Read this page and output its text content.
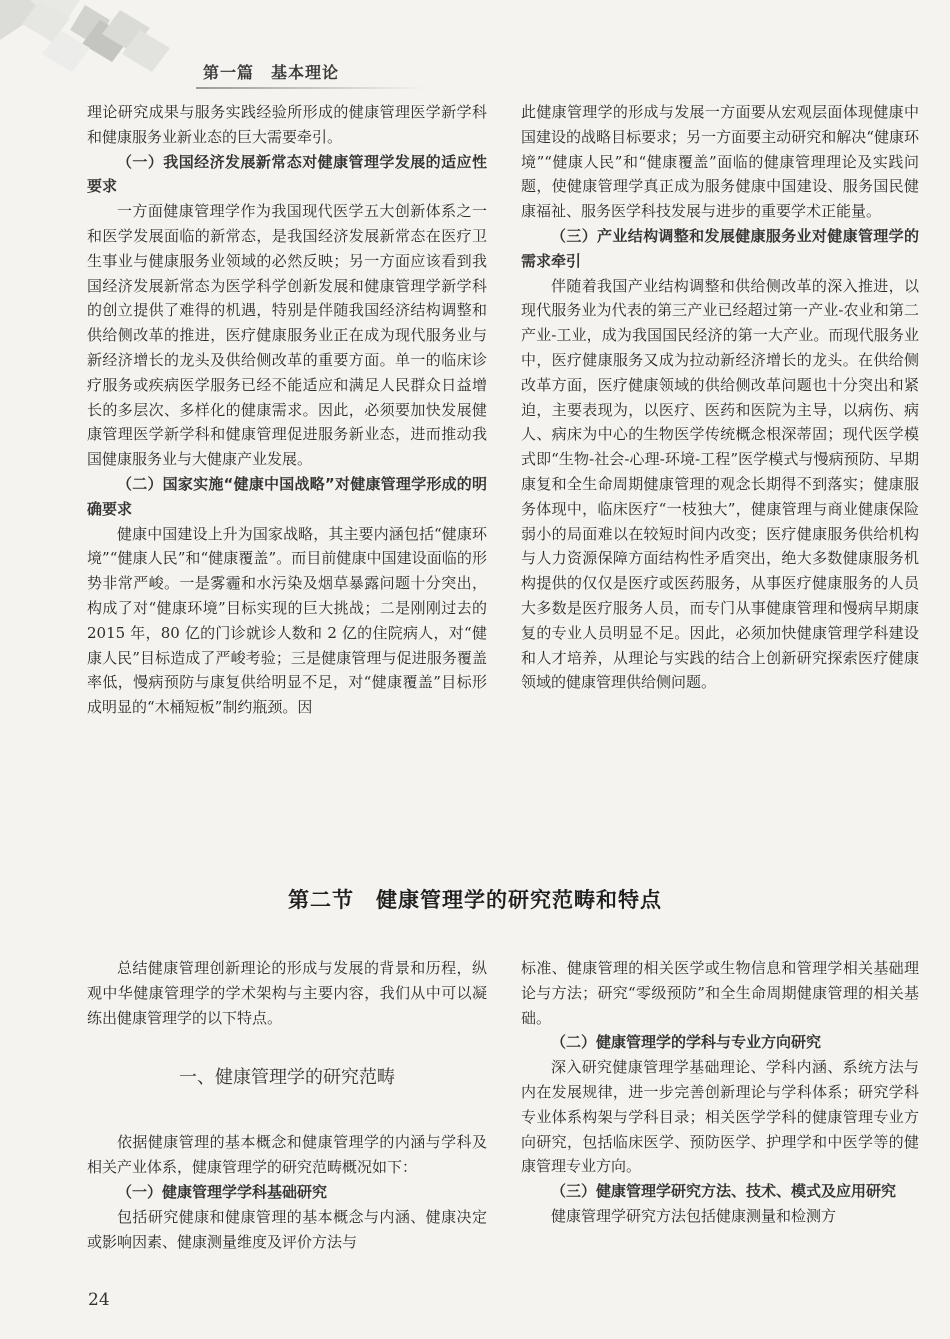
第一篇　基本理论

理论研究成果与服务实践经验所形成的健康管理医学新学科和健康服务业新业态的巨大需要牵引。

（一）我国经济发展新常态对健康管理学发展的适应性要求

一方面健康管理学作为我国现代医学五大创新体系之一和医学发展面临的新常态，是我国经济发展新常态在医疗卫生事业与健康服务业领域的必然反映；另一方面应该看到我国经济发展新常态为医学科学创新发展和健康管理学新学科的创立提供了难得的机遇，特别是伴随我国经济结构调整和供给侧改革的推进，医疗健康服务业正在成为现代服务业与新经济增长的龙头及供给侧改革的重要方面。单一的临床诊疗服务或疾病医学服务已经不能适应和满足人民群众日益增长的多层次、多样化的健康需求。因此，必须要加快发展健康管理医学新学科和健康管理促进服务新业态，进而推动我国健康服务业与大健康产业发展。

（二）国家实施“健康中国战略”对健康管理学形成的明确要求

健康中国建设上升为国家战略，其主要内涵包括“健康环境”“健康人民”和“健康覆盖”。而目前健康中国建设面临的形势非常严峻。一是雾霾和水污染及烟草暴露问题十分突出，构成了对“健康环境”目标实现的巨大挑战；二是刚刚过去的 2015 年，80 亿的门诊就诊人数和 2 亿的住院病人，对“健康人民”目标造成了严峻考验；三是健康管理与促进服务覆盖率低，慢病预防与康复供给明显不足，对“健康覆盖”目标形成明显的“木桶短板”制约瓶颈。因

此健康管理学的形成与发展一方面要从宏观层面体现健康中国建设的战略目标要求；另一方面要主动研究和解决“健康环境”“健康人民”和“健康覆盖”面临的健康管理理论及实践问题，使健康管理学真正成为服务健康中国建设、服务国民健康福祉、服务医学科技发展与进步的重要学术正能量。

（三）产业结构调整和发展健康服务业对健康管理学的需求牵引

伴随着我国产业结构调整和供给侧改革的深入推进，以现代服务业为代表的第三产业已经超过第一产业-农业和第二产业-工业，成为我国国民经济的第一大产业。而现代服务业中，医疗健康服务又成为拉动新经济增长的龙头。在供给侧改革方面，医疗健康领域的供给侧改革问题也十分突出和紧迫，主要表现为，以医疗、医药和医院为主导，以病伤、病人、病床为中心的生物医学传统概念根深蒂固；现代医学模式即“生物-社会-心理-环境-工程”医学模式与慢病预防、早期康复和全生命周期健康管理的观念长期得不到落实；健康服务体现中，临床医疗“一枝独大”，健康管理与商业健康保险弱小的局面难以在较短时间内改变；医疗健康服务供给机构与人力资源保障方面结构性矛盾突出，绝大多数健康服务机构提供的仅仅是医疗或医药服务，从事医疗健康服务的人员大多数是医疗服务人员，而专门从事健康管理和慢病早期康复的专业人员明显不足。因此，必须加快健康管理学科建设和人才培养，从理论与实践的结合上创新研究探索医疗健康领域的健康管理供给侧问题。

第二节　健康管理学的研究范畴和特点

总结健康管理创新理论的形成与发展的背景和历程，纵观中华健康管理学的学术架构与主要内容，我们从中可以凝练出健康管理学的以下特点。

依据健康管理的基本概念和健康管理学的内涵与学科及相关产业体系，健康管理学的研究范畴概况如下：

（一）健康管理学学科基础研究

包括研究健康和健康管理的基本概念与内涵、健康决定或影响因素、健康测量维度及评价方法与

一、健康管理学的研究范畴

标准、健康管理的相关医学或生物信息和管理学相关基础理论与方法；研究“零级预防”和全生命周期健康管理的相关基础。

（二）健康管理学的学科与专业方向研究

深入研究健康管理学基础理论、学科内涵、系统方法与内在发展规律，进一步完善创新理论与学科体系；研究学科专业体系构架与学科目录；相关医学学科的健康管理专业方向研究，包括临床医学、预防医学、护理学和中医学等的健康管理专业方向。

（三）健康管理学研究方法、技术、模式及应用研究

健康管理学研究方法包括健康测量和检测方

24
